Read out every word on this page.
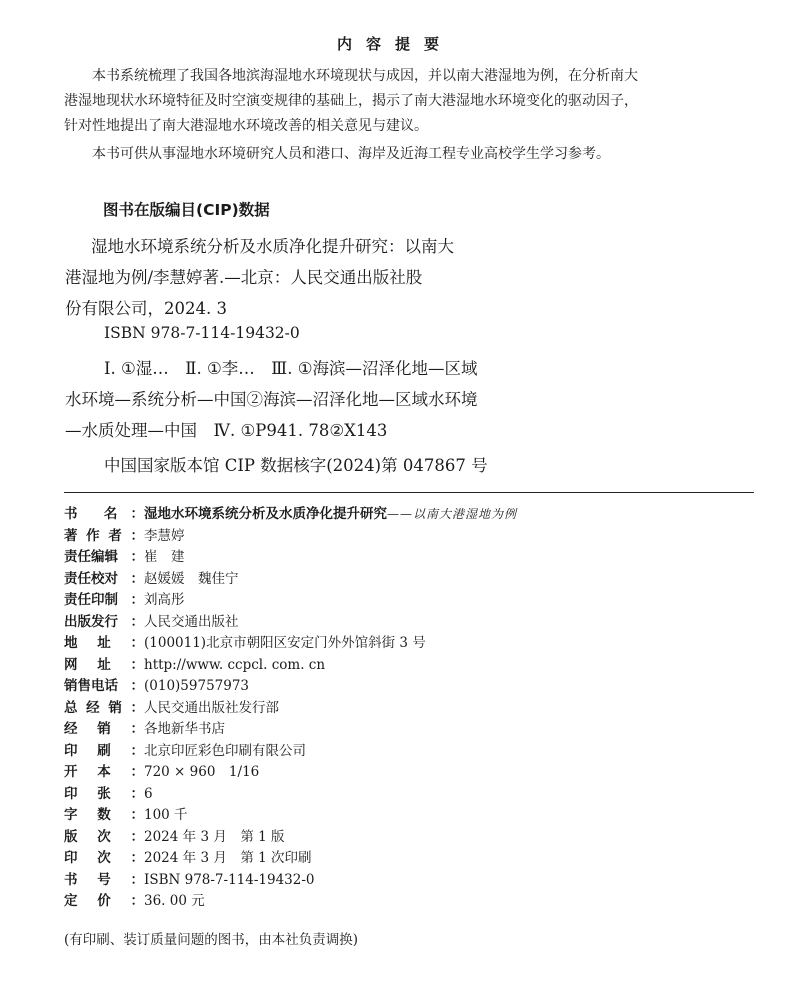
内容提要
本书系统梳理了我国各地滨海湿地水环境现状与成因，并以南大港湿地为例，在分析南大
港湿地现状水环境特征及时空演变规律的基础上，揭示了南大港湿地水环境变化的驱动因子，
针对性地提出了南大港湿地水环境改善的相关意见与建议。
本书可供从事湿地水环境研究人员和港口、海岸及近海工程专业高校学生学习参考。
图书在版编目(CIP)数据
湿地水环境系统分析及水质净化提升研究：以南大
港湿地为例/李慧婷著.—北京：人民交通出版社股
份有限公司，2024. 3
ISBN 978-7-114-19432-0
Ⅰ. ①湿…　Ⅱ. ①李…　Ⅲ. ①海滨—沼泽化地—区域
水环境—系统分析—中国②海滨—沼泽化地—区域水环境
—水质处理—中国　Ⅳ. ①P941. 78②X143
中国国家版本馆 CIP 数据核字(2024)第 047867 号
书 名 ： 湿地水环境系统分析及水质净化提升研究——以南大港湿地为例
著 作 者 ： 李慧婷
责任编辑 ： 崔　建
责任校对 ： 赵媛媛　魏佳宁
责任印制 ： 刘高彤
出版发行 ： 人民交通出版社
地 址 ： (100011)北京市朝阳区安定门外外馆斜街 3 号
网 址 ： http://www. ccpcl. com. cn
销售电话 ： (010)59757973
总 经 销 ： 人民交通出版社发行部
经 销 ： 各地新华书店
印 刷 ： 北京印匠彩色印刷有限公司
开 本 ： 720 × 960　1/16
印 张 ： 6
字 数 ： 100 千
版 次 ： 2024 年 3 月　第 1 版
印 次 ： 2024 年 3 月　第 1 次印刷
书 号 ： ISBN 978-7-114-19432-0
定 价 ： 36. 00 元
(有印刷、装订质量问题的图书，由本社负责调换)
